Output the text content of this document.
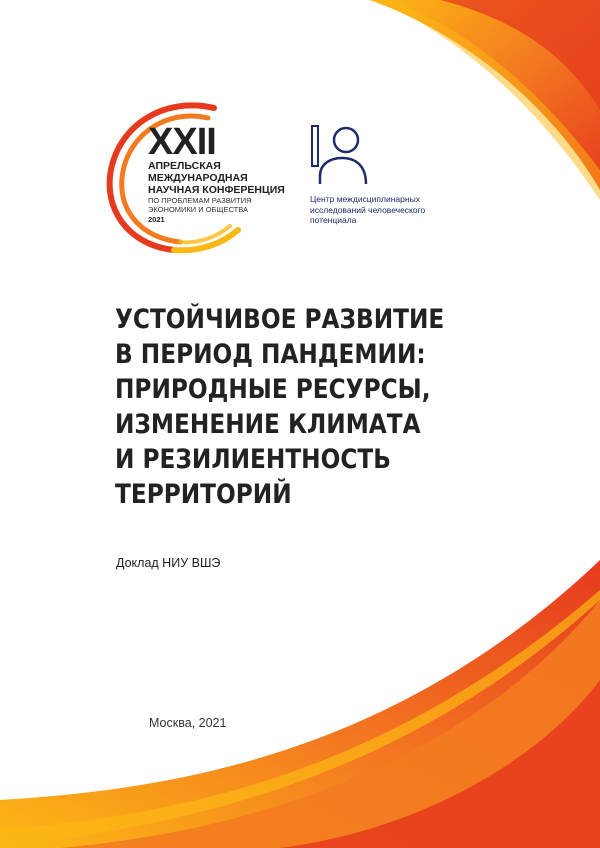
XXII
АПРЕЛЬСКАЯ
МЕЖДУНАРОДНАЯ
НАУЧНАЯ КОНФЕРЕНЦИЯ
ПО ПРОБЛЕМАМ РАЗВИТИЯ
ЭКОНОМИКИ И ОБЩЕСТВА
2021
Центр междисциплинарных
исследований человеческого
потенциала
УСТОЙЧИВОЕ РАЗВИТИЕ
В ПЕРИОД ПАНДЕМИИ:
ПРИРОДНЫЕ РЕСУРСЫ,
ИЗМЕНЕНИЕ КЛИМАТА
И РЕЗИЛИЕНТНОСТЬ
ТЕРРИТОРИЙ
Доклад НИУ ВШЭ
Москва, 2021
